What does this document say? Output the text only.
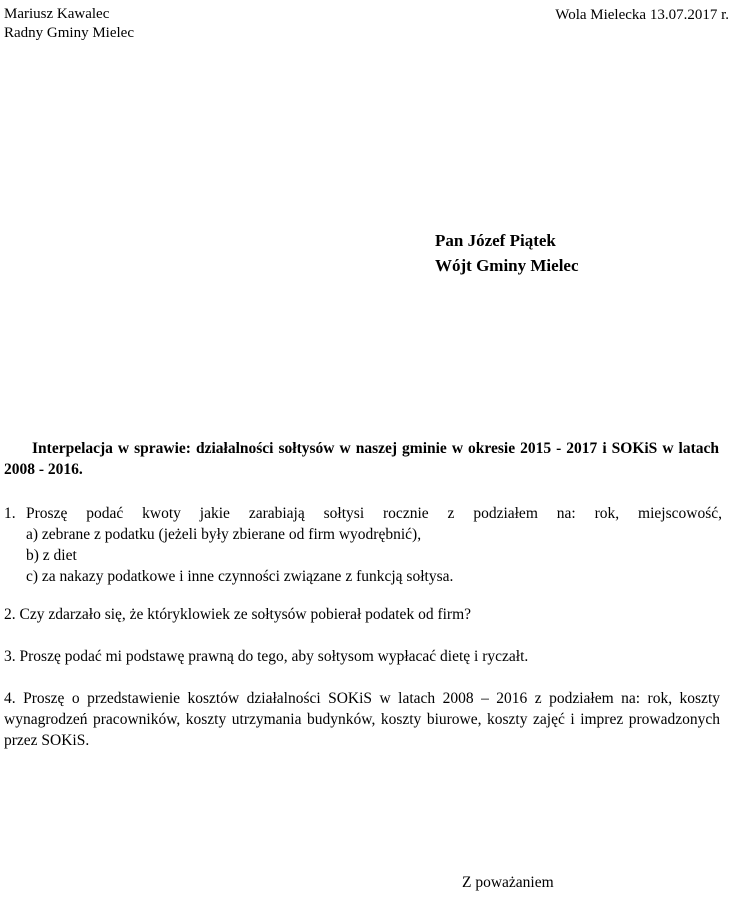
Mariusz Kawalec
Radny Gminy Mielec
Wola Mielecka 13.07.2017 r.
Pan Józef Piątek
Wójt Gminy Mielec
Interpelacja w sprawie: działalności sołtysów w naszej gminie w okresie 2015 - 2017 i SOKiS w latach 2008 - 2016.
1. Proszę podać kwoty jakie zarabiają sołtysi rocznie z podziałem na: rok, miejscowość,
a) zebrane z podatku (jeżeli były zbierane od firm wyodrębnić),
b) z diet
c) za nakazy podatkowe i inne czynności związane z funkcją sołtysa.
2. Czy zdarzało się, że któryklowiek ze sołtysów pobierał podatek od firm?
3. Proszę podać mi podstawę prawną do tego, aby sołtysom wypłacać dietę i ryczałt.
4. Proszę o przedstawienie kosztów działalności SOKiS w latach 2008 – 2016 z podziałem na: rok, koszty wynagrodzeń pracowników, koszty utrzymania budynków, koszty biurowe, koszty zajęć i imprez prowadzonych przez SOKiS.
Z poważaniem
